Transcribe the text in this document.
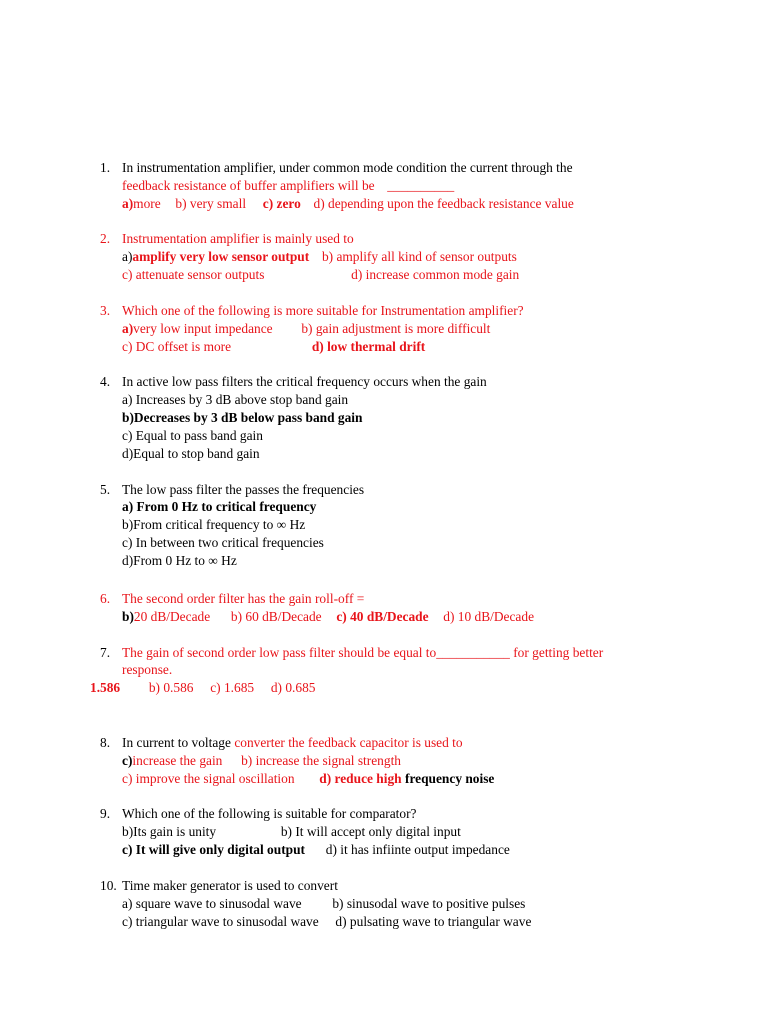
1. In instrumentation amplifier, under common mode condition the current through the
feedback resistance of buffer amplifiers will be __________
a)more b) very small c) zero d) depending upon the feedback resistance value
2. Instrumentation amplifier is mainly used to
a)amplify very low sensor output b) amplify all kind of sensor outputs
c) attenuate sensor outputs	d) increase common mode gain
3. Which one of the following is more suitable for Instrumentation amplifier?
a)very low input impedance b) gain adjustment is more difficult
c) DC offset is more	d) low thermal drift
4. In active low pass filters the critical frequency occurs when the gain
a) Increases by 3 dB above stop band gain
b)Decreases by 3 dB below pass band gain
c) Equal to pass band gain
d)Equal to stop band gain
5. The low pass filter the passes the frequencies
a) From 0 Hz to critical frequency
b)From critical frequency to ∞ Hz
c) In between two critical frequencies
d)From 0 Hz to ∞ Hz
6. The second order filter has the gain roll-off =
b)20 dB/Decade b) 60 dB/Decade c) 40 dB/Decade d) 10 dB/Decade
7. The gain of second order low pass filter should be equal to___________ for getting better
response.
1.586 b) 0.586 c) 1.685 d) 0.685
8. In current to voltage converter the feedback capacitor is used to
c)increase the gain b) increase the signal strength
c) improve the signal oscillation d) reduce high frequency noise
9. Which one of the following is suitable for comparator?
b)Its gain is unity	b) It will accept only digital input
c) It will give only digital output d) it has infiinte output impedance
10. Time maker generator is used to convert
a) square wave to sinusodal wave b) sinusodal wave to positive pulses
c) triangular wave to sinusodal wave d) pulsating wave to triangular wave
